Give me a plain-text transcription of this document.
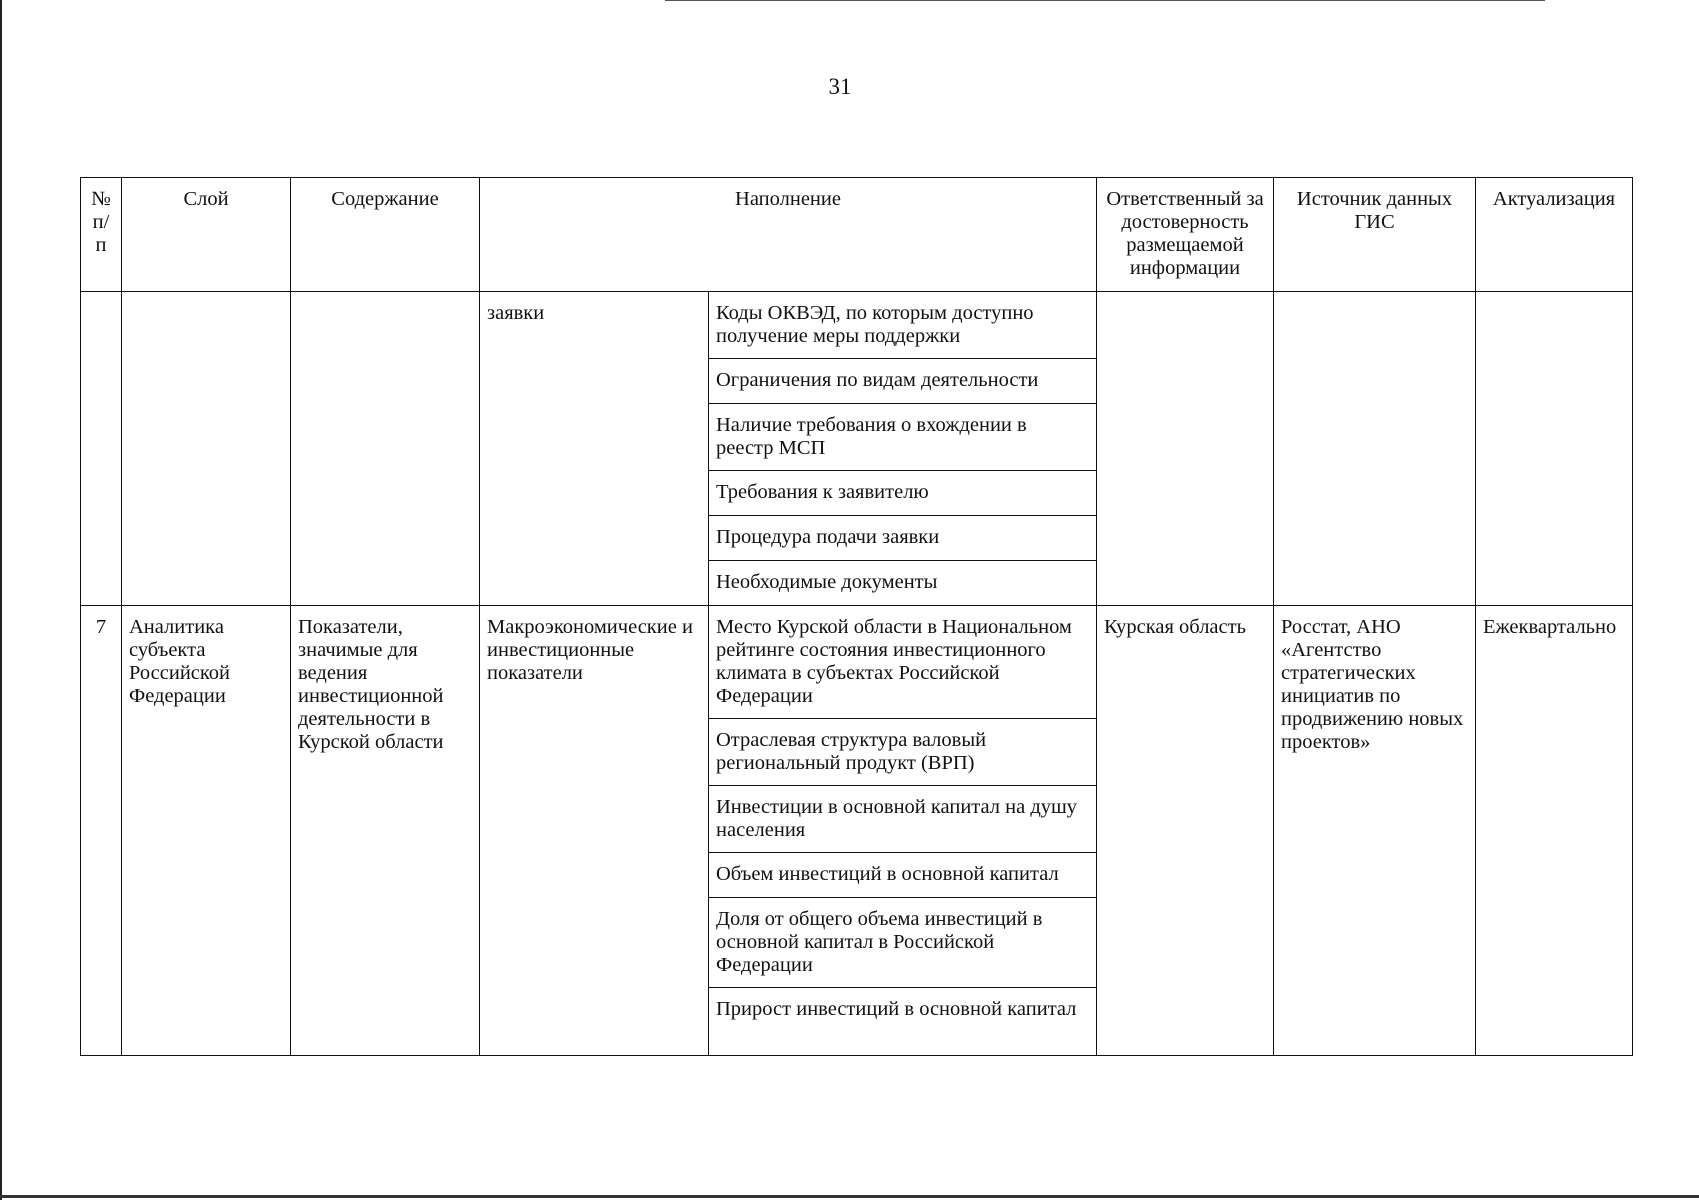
31
№ п/ п	Слой	Содержание	Наполнение		Ответственный за достоверность размещаемой информации	Источник данных ГИС	Актуализация
			заявки	Коды ОКВЭД, по которым доступно получение меры поддержки			
				Ограничения по видам деятельности			
				Наличие требования о вхождении в реестр МСП			
				Требования к заявителю			
				Процедура подачи заявки			
				Необходимые документы			
7	Аналитика субъекта Российской Федерации	Показатели, значимые для ведения инвестиционной деятельности в Курской области	Макроэкономические и инвестиционные показатели	Место Курской области в Национальном рейтинге состояния инвестиционного климата в субъектах Российской Федерации	Курская область	Росстат, АНО «Агентство стратегических инициатив по продвижению новых проектов»	Ежеквартально
				Отраслевая структура валовый региональный продукт (ВРП)			
				Инвестиции в основной капитал на душу населения			
				Объем инвестиций в основной капитал			
				Доля от общего объема инвестиций в основной капитал в Российской Федерации			
				Прирост инвестиций в основной капитал			
